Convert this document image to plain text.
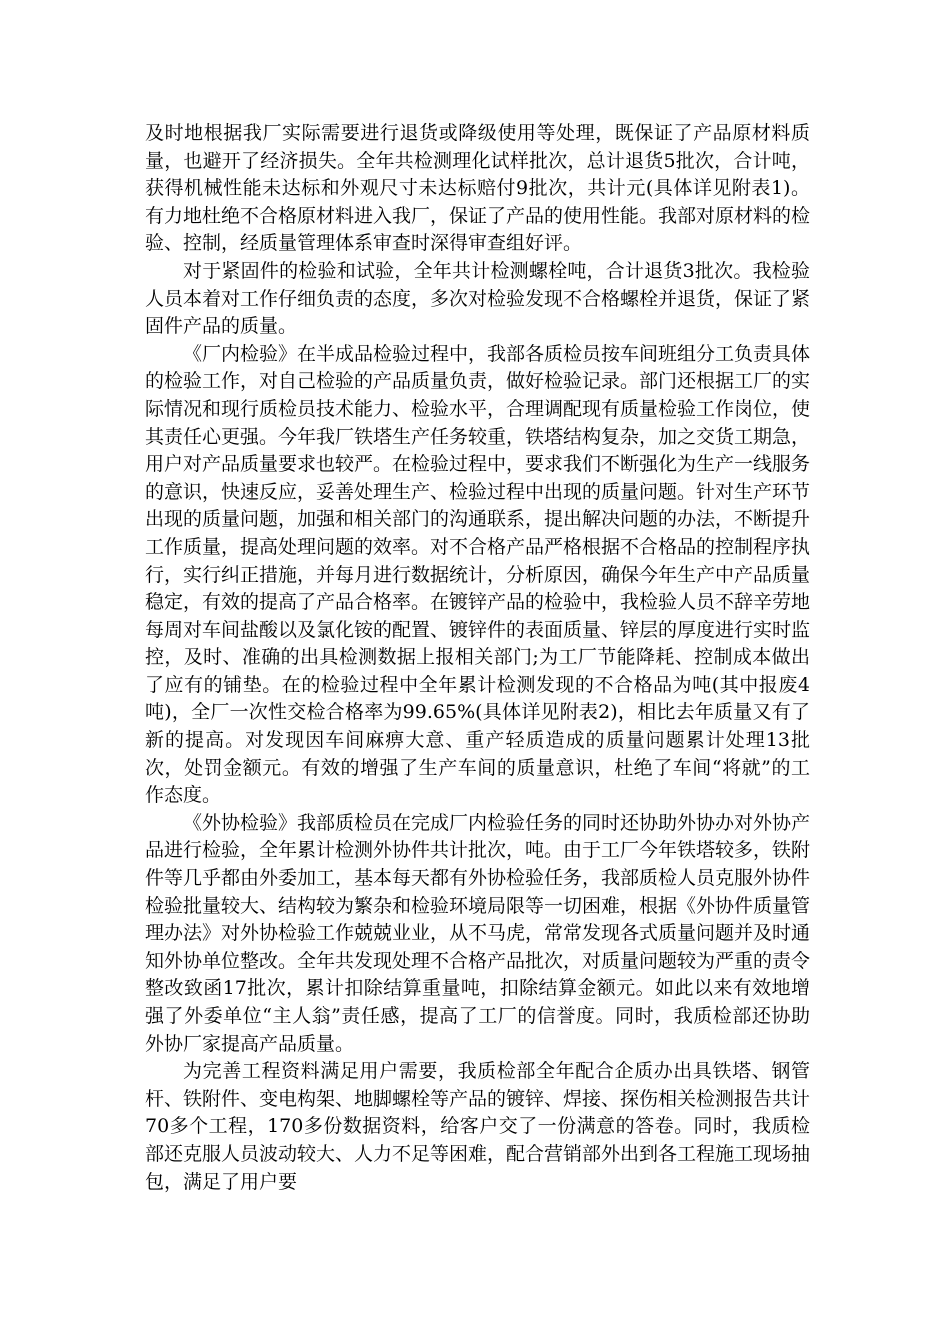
及时地根据我厂实际需要进行退货或降级使用等处理，既保证了产品原材料质量，也避开了经济损失。全年共检测理化试样批次，总计退货5批次，合计吨，获得机械性能未达标和外观尺寸未达标赔付9批次，共计元(具体详见附表1)。有力地杜绝不合格原材料进入我厂，保证了产品的使用性能。我部对原材料的检验、控制，经质量管理体系审查时深得审查组好评。

对于紧固件的检验和试验，全年共计检测螺栓吨，合计退货3批次。我检验人员本着对工作仔细负责的态度，多次对检验发现不合格螺栓并退货，保证了紧固件产品的质量。

《厂内检验》在半成品检验过程中，我部各质检员按车间班组分工负责具体的检验工作，对自己检验的产品质量负责，做好检验记录。部门还根据工厂的实际情况和现行质检员技术能力、检验水平，合理调配现有质量检验工作岗位，使其责任心更强。今年我厂铁塔生产任务较重，铁塔结构复杂，加之交货工期急，用户对产品质量要求也较严。在检验过程中，要求我们不断强化为生产一线服务的意识，快速反应，妥善处理生产、检验过程中出现的质量问题。针对生产环节出现的质量问题，加强和相关部门的沟通联系，提出解决问题的办法，不断提升工作质量，提高处理问题的效率。对不合格产品严格根据不合格品的控制程序执行，实行纠正措施，并每月进行数据统计，分析原因，确保今年生产中产品质量稳定，有效的提高了产品合格率。在镀锌产品的检验中，我检验人员不辞辛劳地每周对车间盐酸以及氯化铵的配置、镀锌件的表面质量、锌层的厚度进行实时监控，及时、准确的出具检测数据上报相关部门;为工厂节能降耗、控制成本做出了应有的铺垫。在的检验过程中全年累计检测发现的不合格品为吨(其中报废4吨)，全厂一次性交检合格率为99.65%(具体详见附表2)，相比去年质量又有了新的提高。对发现因车间麻痹大意、重产轻质造成的质量问题累计处理13批次，处罚金额元。有效的增强了生产车间的质量意识，杜绝了车间“将就”的工作态度。

《外协检验》我部质检员在完成厂内检验任务的同时还协助外协办对外协产品进行检验，全年累计检测外协件共计批次，吨。由于工厂今年铁塔较多，铁附件等几乎都由外委加工，基本每天都有外协检验任务，我部质检人员克服外协件检验批量较大、结构较为繁杂和检验环境局限等一切困难，根据《外协件质量管理办法》对外协检验工作兢兢业业，从不马虎，常常发现各式质量问题并及时通知外协单位整改。全年共发现处理不合格产品批次，对质量问题较为严重的责令整改致函17批次，累计扣除结算重量吨，扣除结算金额元。如此以来有效地增强了外委单位“主人翁”责任感，提高了工厂的信誉度。同时，我质检部还协助外协厂家提高产品质量。

为完善工程资料满足用户需要，我质检部全年配合企质办出具铁塔、钢管杆、铁附件、变电构架、地脚螺栓等产品的镀锌、焊接、探伤相关检测报告共计70多个工程，170多份数据资料，给客户交了一份满意的答卷。同时，我质检部还克服人员波动较大、人力不足等困难，配合营销部外出到各工程施工现场抽包，满足了用户要
